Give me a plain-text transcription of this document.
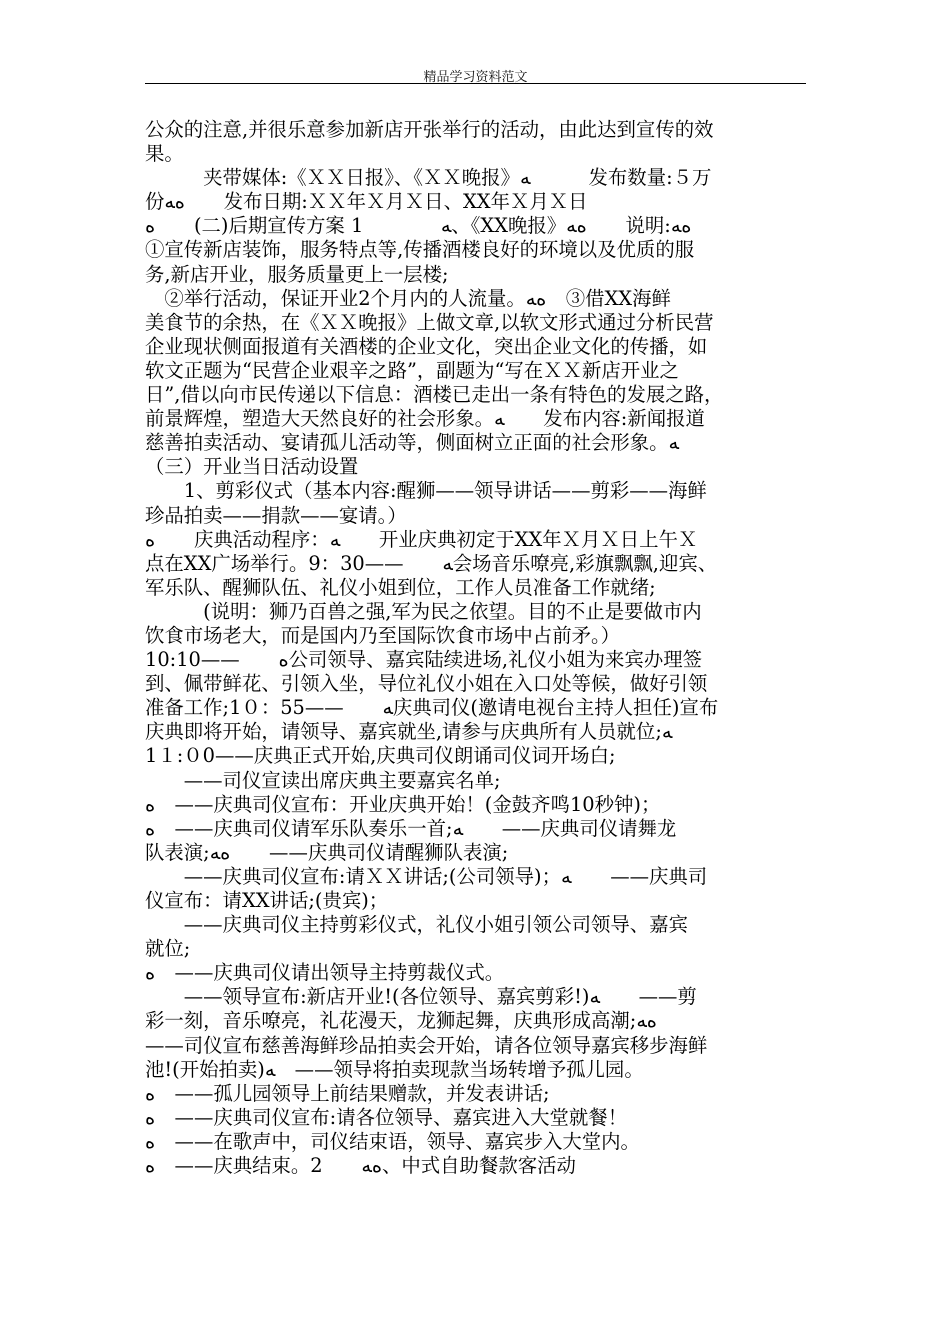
精品学习资料范文
公众的注意,并很乐意参加新店开张举行的活动，由此达到宣传的效
果。
　　　夹带媒体:《ＸＸ日报》、《ＸＸ晚报》ﻪ　　　发布数量:５万
份ﻩﻪ　　发布日期:ＸＸ年Ｘ月Ｘ日、XX年Ｘ月Ｘ日
ﻩ　　(二)后期宣传方案 1　　　　ﻪ、《XX晚报》ﻩﻪ　　说明:ﻩﻪ
①宣传新店装饰，服务特点等,传播酒楼良好的环境以及优质的服
务,新店开业，服务质量更上一层楼;
　②举行活动，保证开业2个月内的人流量。ﻩﻪ　③借XX海鲜
美食节的余热，在《ＸＸ晚报》上做文章,以软文形式通过分析民营
企业现状侧面报道有关酒楼的企业文化，突出企业文化的传播，如
软文正题为“民营企业艰辛之路”，副题为“写在ＸＸ新店开业之
日”,借以向市民传递以下信息：酒楼已走出一条有特色的发展之路，
前景辉煌，塑造大天然良好的社会形象。ﻪ　　发布内容:新闻报道
慈善拍卖活动、宴请孤儿活动等，侧面树立正面的社会形象。ﻪ
（三）开业当日活动设置
　　1、剪彩仪式（基本内容:醒狮——领导讲话——剪彩——海鲜
珍品拍卖——捐款——宴请。）
ﻩ　　庆典活动程序：ﻪ　　开业庆典初定于XX年Ｘ月Ｘ日上午Ｘ
点在XX广场举行。9：30——　　ﻪ会场音乐嘹亮,彩旗飘飘,迎宾、
军乐队、醒狮队伍、礼仪小姐到位，工作人员准备工作就绪;
　　　(说明：狮乃百兽之强,军为民之依望。目的不止是要做市内
饮食市场老大，而是国内乃至国际饮食市场中占前矛。）
10:10——　　ﻩ公司领导、嘉宾陆续进场,礼仪小姐为来宾办理签
到、佩带鲜花、引领入坐，导位礼仪小姐在入口处等候，做好引领
准备工作;1０：55——　　ﻪ庆典司仪(邀请电视台主持人担任)宣布
庆典即将开始，请领导、嘉宾就坐,请参与庆典所有人员就位;ﻪ
1１:０0——庆典正式开始,庆典司仪朗诵司仪词开场白;
　　——司仪宣读出席庆典主要嘉宾名单;
ﻩ　——庆典司仪宣布：开业庆典开始！(金鼓齐鸣10秒钟)；
ﻩ　——庆典司仪请军乐队奏乐一首;ﻪ　　——庆典司仪请舞龙
队表演;ﻩﻪ　　——庆典司仪请醒狮队表演;
　　——庆典司仪宣布:请ＸＸ讲话;(公司领导)；ﻪ　　——庆典司
仪宣布：请XX讲话;(贵宾)；
　　——庆典司仪主持剪彩仪式，礼仪小姐引领公司领导、嘉宾
就位;
ﻩ　——庆典司仪请出领导主持剪裁仪式。
　　——领导宣布:新店开业!(各位领导、嘉宾剪彩!)ﻪ　　——剪
彩一刻，音乐嘹亮，礼花漫天，龙狮起舞，庆典形成高潮;ﻩﻪ
——司仪宣布慈善海鲜珍品拍卖会开始，请各位领导嘉宾移步海鲜
池!(开始拍卖)ﻪ　——领导将拍卖现款当场转增予孤儿园。
ﻩ　——孤儿园领导上前结果赠款，并发表讲话;
ﻩ　——庆典司仪宣布:请各位领导、嘉宾进入大堂就餐！
ﻩ　——在歌声中，司仪结束语，领导、嘉宾步入大堂内。
ﻩ　——庆典结束。2　　ﻩﻪ、中式自助餐款客活动
